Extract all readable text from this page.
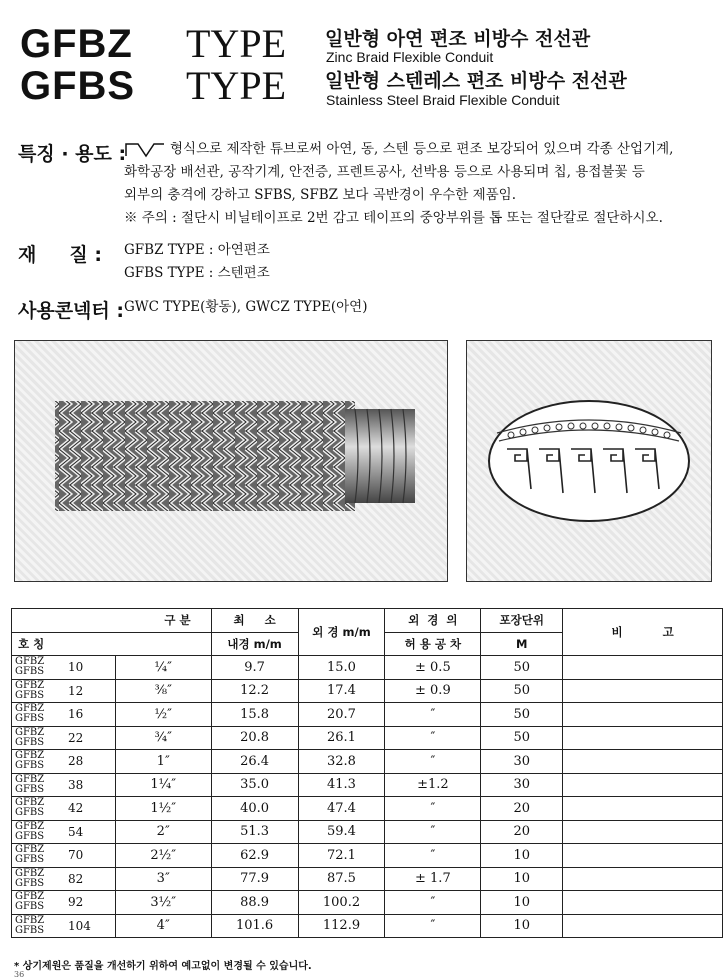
GFBZ TYPE 일반형 아연 편조 비방수 전선관
Zinc Braid Flexible Conduit
GFBS TYPE 일반형 스텐레스 편조 비방수 전선관
Stainless Steel Braid Flexible Conduit
특징 · 용도 :	형식으로 제작한 튜브로써 아연, 동, 스텐 등으로 편조 보강되어 있으며 각종 산업기계,
화학공장 배선관, 공작기계, 안전증, 프렌트공사, 선박용 등으로 사용되며 칩, 용접불꽃 등
외부의 충격에 강하고 SFBS, SFBZ 보다 곡반경이 우수한 제품임.
※ 주의 : 절단시 비닐테이프로 2번 감고 테이프의 중앙부위를 톱 또는 절단칼로 절단하시오.
재     질 : GFBZ TYPE : 아연편조
GFBS TYPE : 스텐편조
사용콘넥터 : GWC TYPE(황동), GWCZ TYPE(아연)
구 분		최     소	외 경 m/m	외  경  의	포장단위	비          고
호 칭		내경 m/m		허 용 공 차	M	

GFBZ
GFBS 10	¼″	9.7	15.0	± 0.5	50	

GFBZ
GFBS 12	⅜″	12.2	17.4	± 0.9	50	

GFBZ
GFBS 16	½″	15.8	20.7	″	50	

GFBZ
GFBS 22	¾″	20.8	26.1	″	50	

GFBZ
GFBS 28	1″	26.4	32.8	″	30	

GFBZ
GFBS 38	1¼″	35.0	41.3	±1.2	30	

GFBZ
GFBS 42	1½″	40.0	47.4	″	20	

GFBZ
GFBS 54	2″	51.3	59.4	″	20	

GFBZ
GFBS 70	2½″	62.9	72.1	″	10	

GFBZ
GFBS 82	3″	77.9	87.5	± 1.7	10	

GFBZ
GFBS 92	3½″	88.9	100.2	″	10	

GFBZ
GFBS 104	4″	101.6	112.9	″	10	
* 상기제원은 품질을 개선하기 위하여 예고없이 변경될 수 있습니다.
36
